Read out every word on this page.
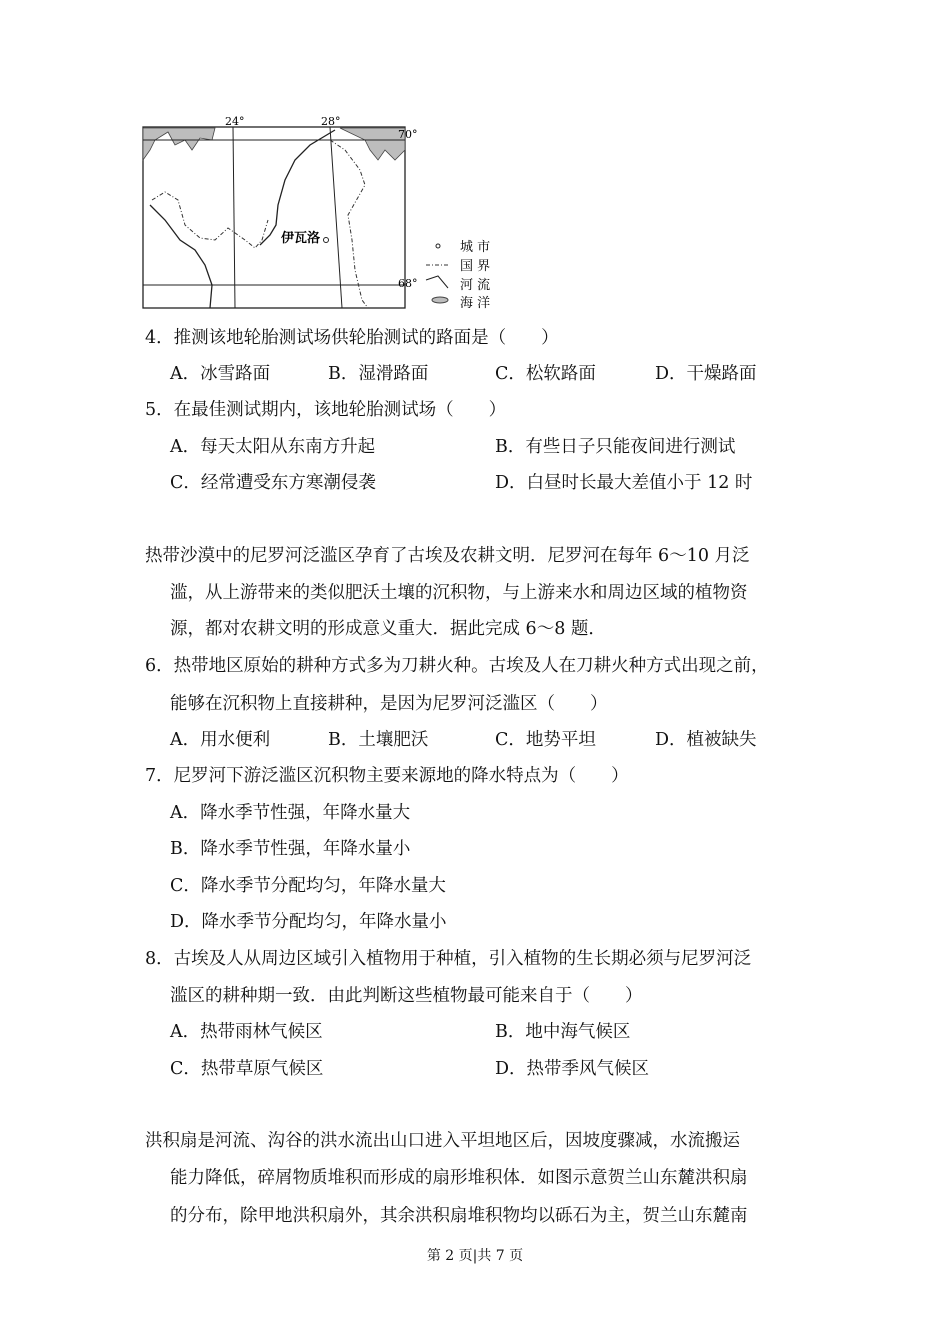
24°	28°
70°
68°
伊瓦洛
城 市
国 界
河 流
海 洋
4．推测该地轮胎测试场供轮胎测试的路面是（　　）
A．冰雪路面	B．湿滑路面	C．松软路面	D．干燥路面
5．在最佳测试期内，该地轮胎测试场（　　）
A．每天太阳从东南方升起	B．有些日子只能夜间进行测试
C．经常遭受东方寒潮侵袭	D．白昼时长最大差值小于 12 时
热带沙漠中的尼罗河泛滥区孕育了古埃及农耕文明．尼罗河在每年 6～10 月泛
滥，从上游带来的类似肥沃土壤的沉积物，与上游来水和周边区域的植物资
源，都对农耕文明的形成意义重大．据此完成 6～8 题．
6．热带地区原始的耕种方式多为刀耕火种。古埃及人在刀耕火种方式出现之前，
能够在沉积物上直接耕种，是因为尼罗河泛滥区（　　）
A．用水便利	B．土壤肥沃	C．地势平坦	D．植被缺失
7．尼罗河下游泛滥区沉积物主要来源地的降水特点为（　　）
A．降水季节性强，年降水量大
B．降水季节性强，年降水量小
C．降水季节分配均匀，年降水量大
D．降水季节分配均匀，年降水量小
8．古埃及人从周边区域引入植物用于种植，引入植物的生长期必须与尼罗河泛
滥区的耕种期一致．由此判断这些植物最可能来自于（　　）
A．热带雨林气候区	B．地中海气候区
C．热带草原气候区	D．热带季风气候区
洪积扇是河流、沟谷的洪水流出山口进入平坦地区后，因坡度骤减，水流搬运
能力降低，碎屑物质堆积而形成的扇形堆积体．如图示意贺兰山东麓洪积扇
的分布，除甲地洪积扇外，其余洪积扇堆积物均以砾石为主，贺兰山东麓南
第 2 页|共 7 页
